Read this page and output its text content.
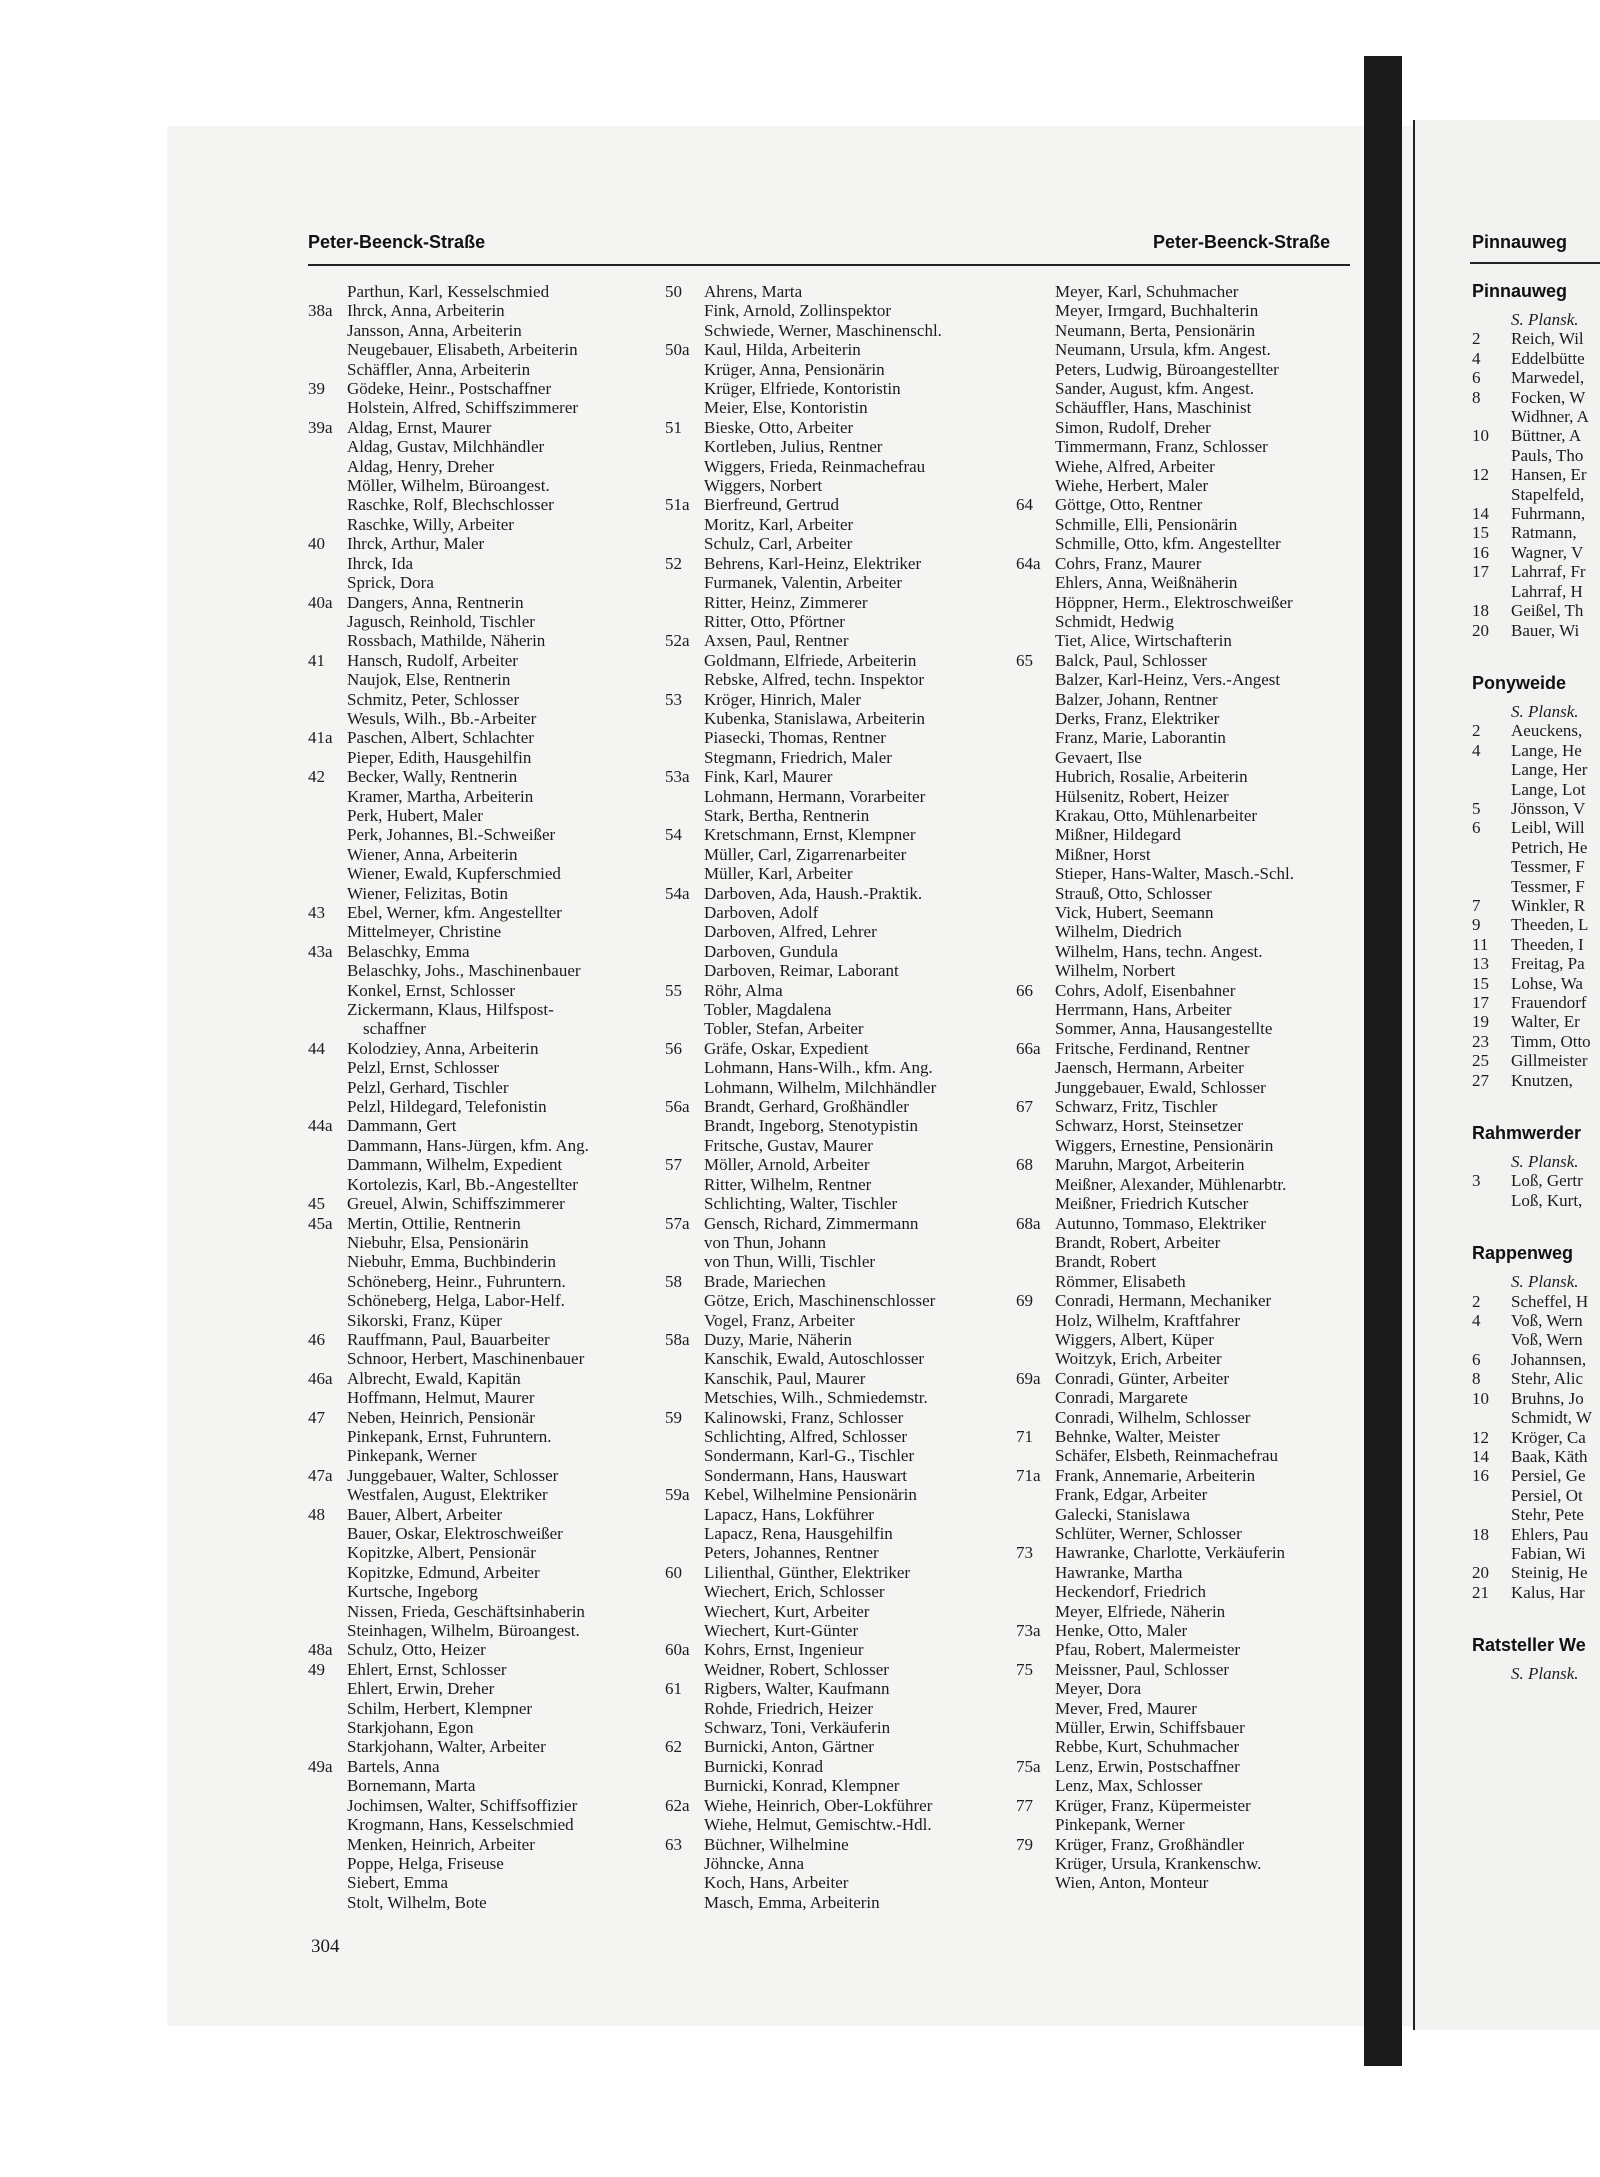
Peter-Beenck-Straße	Peter-Beenck-Straße	Pinnauweg
Parthun, Karl, Kesselschmied
38a Ihrck, Anna, Arbeiterin
Jansson, Anna, Arbeiterin
Neugebauer, Elisabeth, Arbeiterin
Schäffler, Anna, Arbeiterin
39	Gödeke, Heinr., Postschaffner
Holstein, Alfred, Schiffszimmerer
39a Aldag, Ernst, Maurer
Aldag, Gustav, Milchhändler
Aldag, Henry, Dreher
Möller, Wilhelm, Büroangest.
Raschke, Rolf, Blechschlosser
Raschke, Willy, Arbeiter
40	Ihrck, Arthur, Maler
Ihrck, Ida
Sprick, Dora
40a Dangers, Anna, Rentnerin
Jagusch, Reinhold, Tischler
Rossbach, Mathilde, Näherin
41	Hansch, Rudolf, Arbeiter
Naujok, Else, Rentnerin
Schmitz, Peter, Schlosser
Wesuls, Wilh., Bb.-Arbeiter
41a Paschen, Albert, Schlachter
Pieper, Edith, Hausgehilfin
42	Becker, Wally, Rentnerin
Kramer, Martha, Arbeiterin
Perk, Hubert, Maler
Perk, Johannes, Bl.-Schweißer
Wiener, Anna, Arbeiterin
Wiener, Ewald, Kupferschmied
Wiener, Felizitas, Botin
43	Ebel, Werner, kfm. Angestellter
Mittelmeyer, Christine
43a Belaschky, Emma
Belaschky, Johs., Maschinenbauer
Konkel, Ernst, Schlosser
Zickermann, Klaus, Hilfspost-
schaffner
44	Kolodziey, Anna, Arbeiterin
Pelzl, Ernst, Schlosser
Pelzl, Gerhard, Tischler
Pelzl, Hildegard, Telefonistin
44a Dammann, Gert
Dammann, Hans-Jürgen, kfm. Ang.
Dammann, Wilhelm, Expedient
Kortolezis, Karl, Bb.-Angestellter
45	Greuel, Alwin, Schiffszimmerer
45a Mertin, Ottilie, Rentnerin
Niebuhr, Elsa, Pensionärin
Niebuhr, Emma, Buchbinderin
Schöneberg, Heinr., Fuhruntern.
Schöneberg, Helga, Labor-Helf.
Sikorski, Franz, Küper
46	Rauffmann, Paul, Bauarbeiter
Schnoor, Herbert, Maschinenbauer
46a Albrecht, Ewald, Kapitän
Hoffmann, Helmut, Maurer
47	Neben, Heinrich, Pensionär
Pinkepank, Ernst, Fuhruntern.
Pinkepank, Werner
47a Junggebauer, Walter, Schlosser
Westfalen, August, Elektriker
48	Bauer, Albert, Arbeiter
Bauer, Oskar, Elektroschweißer
Kopitzke, Albert, Pensionär
Kopitzke, Edmund, Arbeiter
Kurtsche, Ingeborg
Nissen, Frieda, Geschäftsinhaberin
Steinhagen, Wilhelm, Büroangest.
48a Schulz, Otto, Heizer
49	Ehlert, Ernst, Schlosser
Ehlert, Erwin, Dreher
Schilm, Herbert, Klempner
Starkjohann, Egon
Starkjohann, Walter, Arbeiter
49a Bartels, Anna
Bornemann, Marta
Jochimsen, Walter, Schiffsoffizier
Krogmann, Hans, Kesselschmied
Menken, Heinrich, Arbeiter
Poppe, Helga, Friseuse
Siebert, Emma
Stolt, Wilhelm, Bote
50	Ahrens, Marta
Fink, Arnold, Zollinspektor
Schwiede, Werner, Maschinenschl.
50a Kaul, Hilda, Arbeiterin
Krüger, Anna, Pensionärin
Krüger, Elfriede, Kontoristin
Meier, Else, Kontoristin
51	Bieske, Otto, Arbeiter
Kortleben, Julius, Rentner
Wiggers, Frieda, Reinmachefrau
Wiggers, Norbert
51a Bierfreund, Gertrud
Moritz, Karl, Arbeiter
Schulz, Carl, Arbeiter
52	Behrens, Karl-Heinz, Elektriker
Furmanek, Valentin, Arbeiter
Ritter, Heinz, Zimmerer
Ritter, Otto, Pförtner
52a Axsen, Paul, Rentner
Goldmann, Elfriede, Arbeiterin
Rebske, Alfred, techn. Inspektor
53	Kröger, Hinrich, Maler
Kubenka, Stanislawa, Arbeiterin
Piasecki, Thomas, Rentner
Stegmann, Friedrich, Maler
53a Fink, Karl, Maurer
Lohmann, Hermann, Vorarbeiter
Stark, Bertha, Rentnerin
54	Kretschmann, Ernst, Klempner
Müller, Carl, Zigarrenarbeiter
Müller, Karl, Arbeiter
54a Darboven, Ada, Haush.-Praktik.
Darboven, Adolf
Darboven, Alfred, Lehrer
Darboven, Gundula
Darboven, Reimar, Laborant
55	Röhr, Alma
Tobler, Magdalena
Tobler, Stefan, Arbeiter
56	Gräfe, Oskar, Expedient
Lohmann, Hans-Wilh., kfm. Ang.
Lohmann, Wilhelm, Milchhändler
56a Brandt, Gerhard, Großhändler
Brandt, Ingeborg, Stenotypistin
Fritsche, Gustav, Maurer
57	Möller, Arnold, Arbeiter
Ritter, Wilhelm, Rentner
Schlichting, Walter, Tischler
57a Gensch, Richard, Zimmermann
von Thun, Johann
von Thun, Willi, Tischler
58	Brade, Mariechen
Götze, Erich, Maschinenschlosser
Vogel, Franz, Arbeiter
58a Duzy, Marie, Näherin
Kanschik, Ewald, Autoschlosser
Kanschik, Paul, Maurer
Metschies, Wilh., Schmiedemstr.
59	Kalinowski, Franz, Schlosser
Schlichting, Alfred, Schlosser
Sondermann, Karl-G., Tischler
Sondermann, Hans, Hauswart
59a Kebel, Wilhelmine Pensionärin
Lapacz, Hans, Lokführer
Lapacz, Rena, Hausgehilfin
Peters, Johannes, Rentner
60	Lilienthal, Günther, Elektriker
Wiechert, Erich, Schlosser
Wiechert, Kurt, Arbeiter
Wiechert, Kurt-Günter
60a Kohrs, Ernst, Ingenieur
Weidner, Robert, Schlosser
61	Rigbers, Walter, Kaufmann
Rohde, Friedrich, Heizer
Schwarz, Toni, Verkäuferin
62	Burnicki, Anton, Gärtner
Burnicki, Konrad
Burnicki, Konrad, Klempner
62a Wiehe, Heinrich, Ober-Lokführer
Wiehe, Helmut, Gemischtw.-Hdl.
63	Büchner, Wilhelmine
Jöhncke, Anna
Koch, Hans, Arbeiter
Masch, Emma, Arbeiterin
Meyer, Karl, Schuhmacher
Meyer, Irmgard, Buchhalterin
Neumann, Berta, Pensionärin
Neumann, Ursula, kfm. Angest.
Peters, Ludwig, Büroangestellter
Sander, August, kfm. Angest.
Schäuffler, Hans, Maschinist
Simon, Rudolf, Dreher
Timmermann, Franz, Schlosser
Wiehe, Alfred, Arbeiter
Wiehe, Herbert, Maler
64	Göttge, Otto, Rentner
Schmille, Elli, Pensionärin
Schmille, Otto, kfm. Angestellter
64a Cohrs, Franz, Maurer
Ehlers, Anna, Weißnäherin
Höppner, Herm., Elektroschweißer
Schmidt, Hedwig
Tiet, Alice, Wirtschafterin
65	Balck, Paul, Schlosser
Balzer, Karl-Heinz, Vers.-Angest
Balzer, Johann, Rentner
Derks, Franz, Elektriker
Franz, Marie, Laborantin
Gevaert, Ilse
Hubrich, Rosalie, Arbeiterin
Hülsenitz, Robert, Heizer
Krakau, Otto, Mühlenarbeiter
Mißner, Hildegard
Mißner, Horst
Stieper, Hans-Walter, Masch.-Schl.
Strauß, Otto, Schlosser
Vick, Hubert, Seemann
Wilhelm, Diedrich
Wilhelm, Hans, techn. Angest.
Wilhelm, Norbert
66	Cohrs, Adolf, Eisenbahner
Herrmann, Hans, Arbeiter
Sommer, Anna, Hausangestellte
66a Fritsche, Ferdinand, Rentner
Jaensch, Hermann, Arbeiter
Junggebauer, Ewald, Schlosser
67	Schwarz, Fritz, Tischler
Schwarz, Horst, Steinsetzer
Wiggers, Ernestine, Pensionärin
68	Maruhn, Margot, Arbeiterin
Meißner, Alexander, Mühlenarbtr.
Meißner, Friedrich Kutscher
68a Autunno, Tommaso, Elektriker
Brandt, Robert, Arbeiter
Brandt, Robert
Römmer, Elisabeth
69	Conradi, Hermann, Mechaniker
Holz, Wilhelm, Kraftfahrer
Wiggers, Albert, Küper
Woitzyk, Erich, Arbeiter
69a Conradi, Günter, Arbeiter
Conradi, Margarete
Conradi, Wilhelm, Schlosser
71	Behnke, Walter, Meister
Schäfer, Elsbeth, Reinmachefrau
71a Frank, Annemarie, Arbeiterin
Frank, Edgar, Arbeiter
Galecki, Stanislawa
Schlüter, Werner, Schlosser
73	Hawranke, Charlotte, Verkäuferin
Hawranke, Martha
Heckendorf, Friedrich
Meyer, Elfriede, Näherin
73a Henke, Otto, Maler
Pfau, Robert, Malermeister
75	Meissner, Paul, Schlosser
Meyer, Dora
Mever, Fred, Maurer
Müller, Erwin, Schiffsbauer
Rebbe, Kurt, Schuhmacher
75a Lenz, Erwin, Postschaffner
Lenz, Max, Schlosser
77	Krüger, Franz, Küpermeister
Pinkepank, Werner
79	Krüger, Franz, Großhändler
Krüger, Ursula, Krankenschw.
Wien, Anton, Monteur
Pinnauweg
S. Plansk.
2	Reich, Wil
4	Eddelbütte
6	Marwedel,
8	Focken, W
Widhner, A
10	Büttner, A
Pauls, Tho
12	Hansen, Er
Stapelfeld,
14	Fuhrmann,
15	Ratmann,
16	Wagner, V
17	Lahrraf, Fr
Lahrraf, H
18	Geißel, Th
20	Bauer, Wi
Ponyweide
S. Plansk.
2	Aeuckens,
4	Lange, He
Lange, Her
Lange, Lot
5	Jönsson, V
6	Leibl, Will
Petrich, He
Tessmer, F
Tessmer, F
7	Winkler, R
9	Theeden, L
11	Theeden, I
13	Freitag, Pa
15	Lohse, Wa
17	Frauendorf
19	Walter, Er
23	Timm, Otto
25	Gillmeister
27	Knutzen,
Rahmwerder
S. Plansk.
3	Loß, Gertr
Loß, Kurt,
Rappenweg
S. Plansk.
2	Scheffel, H
4	Voß, Wern
Voß, Wern
6	Johannsen,
8	Stehr, Alic
10	Bruhns, Jo
Schmidt, W
12	Kröger, Ca
14	Baak, Käth
16	Persiel, Ge
Persiel, Ot
Stehr, Pete
18	Ehlers, Pau
Fabian, Wi
20	Steinig, He
21	Kalus, Har
Ratsteller We
S. Plansk.
304
